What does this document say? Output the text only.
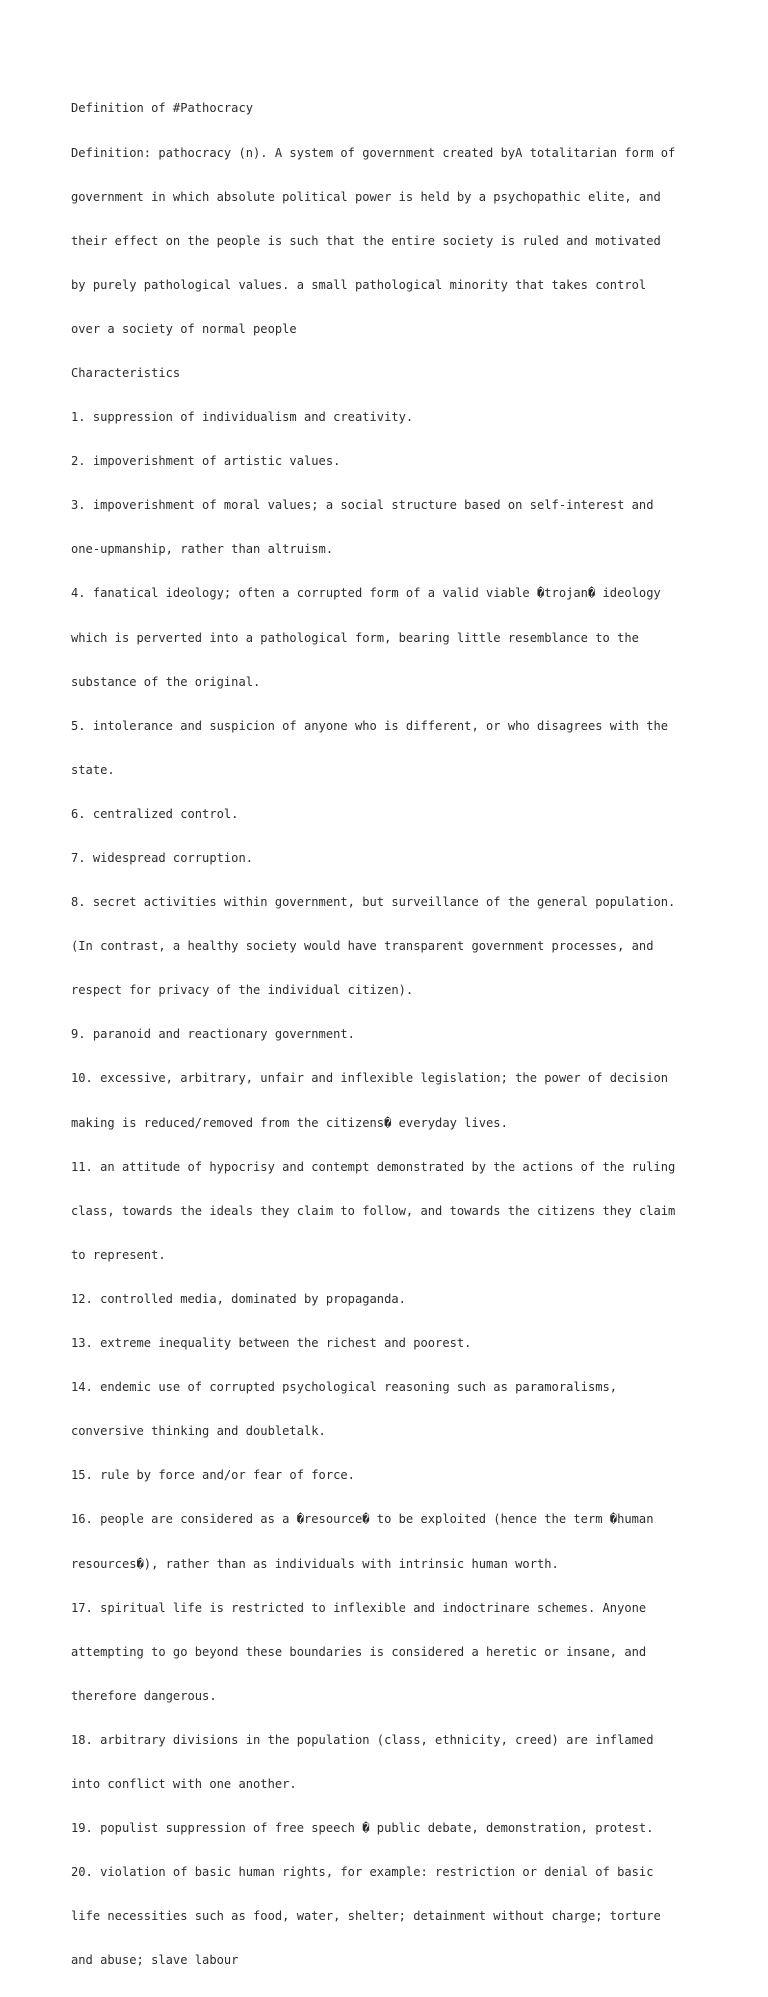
Definition of #Pathocracy

Definition: pathocracy (n). A system of government created byA totalitarian form of

government in which absolute political power is held by a psychopathic elite, and

their effect on the people is such that the entire society is ruled and motivated

by purely pathological values. a small pathological minority that takes control

over a society of normal people

Characteristics

1. suppression of individualism and creativity.

2. impoverishment of artistic values.

3. impoverishment of moral values; a social structure based on self-interest and

one-upmanship, rather than altruism.

4. fanatical ideology; often a corrupted form of a valid viable �trojan� ideology

which is perverted into a pathological form, bearing little resemblance to the

substance of the original.

5. intolerance and suspicion of anyone who is different, or who disagrees with the

state.

6. centralized control.

7. widespread corruption.

8. secret activities within government, but surveillance of the general population.

(In contrast, a healthy society would have transparent government processes, and

respect for privacy of the individual citizen).

9. paranoid and reactionary government.

10. excessive, arbitrary, unfair and inflexible legislation; the power of decision

making is reduced/removed from the citizens� everyday lives.

11. an attitude of hypocrisy and contempt demonstrated by the actions of the ruling

class, towards the ideals they claim to follow, and towards the citizens they claim

to represent.

12. controlled media, dominated by propaganda.

13. extreme inequality between the richest and poorest.

14. endemic use of corrupted psychological reasoning such as paramoralisms,

conversive thinking and doubletalk.

15. rule by force and/or fear of force.

16. people are considered as a �resource� to be exploited (hence the term �human

resources�), rather than as individuals with intrinsic human worth.

17. spiritual life is restricted to inflexible and indoctrinare schemes. Anyone

attempting to go beyond these boundaries is considered a heretic or insane, and

therefore dangerous.

18. arbitrary divisions in the population (class, ethnicity, creed) are inflamed

into conflict with one another.

19. populist suppression of free speech � public debate, demonstration, protest.

20. violation of basic human rights, for example: restriction or denial of basic

life necessities such as food, water, shelter; detainment without charge; torture

and abuse; slave labour
